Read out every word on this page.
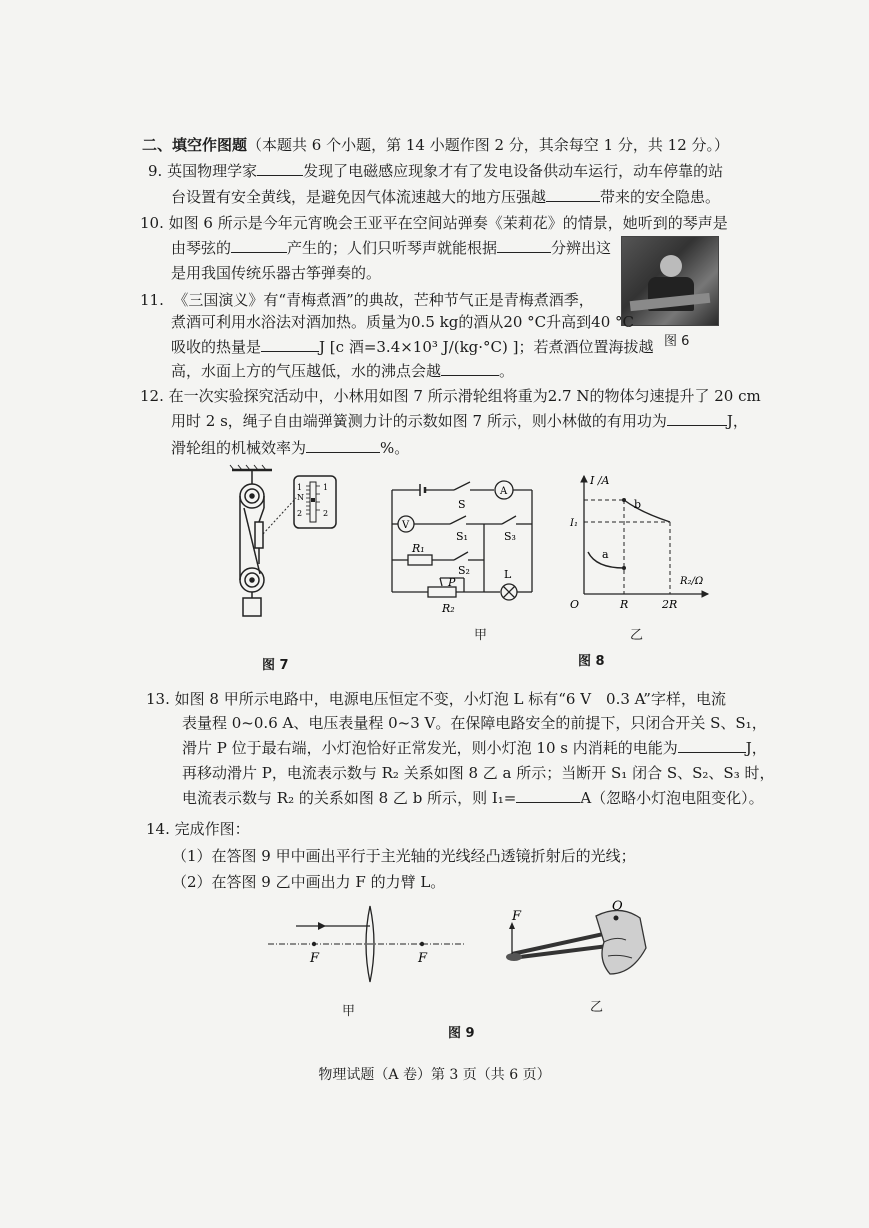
二、填空作图题（本题共 6 个小题，第 14 小题作图 2 分，其余每空 1 分，共 12 分。）
9. 英国物理学家	发现了电磁感应现象才有了发电设备供动车运行，动车停靠的站
台设置有安全黄线，是避免因气体流速越大的地方压强越	带来的安全隐患。
10. 如图 6 所示是今年元宵晚会王亚平在空间站弹奏《茉莉花》的情景，她听到的琴声是
由琴弦的	产生的；人们只听琴声就能根据	分辨出这
是用我国传统乐器古筝弹奏的。
图 6
11. 《三国演义》有“青梅煮酒”的典故，芒种节气正是青梅煮酒季，
煮酒可利用水浴法对酒加热。质量为0.5 kg的酒从20 °C升高到40 °C
吸收的热量是	J [c 酒=3.4×10³ J/(kg·°C) ]；若煮酒位置海拔越
高，水面上方的气压越低，水的沸点会越	。
12. 在一次实验探究活动中，小林用如图 7 所示滑轮组将重为2.7 N的物体匀速提升了 20 cm
用时 2 s，绳子自由端弹簧测力计的示数如图 7 所示，则小林做的有用功为	J，
滑轮组的机械效率为	%。
1
N
2
1
2
图 7
A
V
S
S₁	S₃
R₁
S₂
P
R₂
L
甲
I /A
R₂/Ω
O	R	2R
I₁
a
b
乙
图 8
13. 如图 8 甲所示电路中，电源电压恒定不变，小灯泡 L 标有“6 V　0.3 A”字样，电流
表量程 0~0.6 A、电压表量程 0~3 V。在保障电路安全的前提下，只闭合开关 S、S₁，
滑片 P 位于最右端，小灯泡恰好正常发光，则小灯泡 10 s 内消耗的电能为	J，
再移动滑片 P，电流表示数与 R₂ 关系如图 8 乙 a 所示；当断开 S₁ 闭合 S、S₂、S₃ 时，
电流表示数与 R₂ 的关系如图 8 乙 b 所示，则 I₁=	A（忽略小灯泡电阻变化）。
14. 完成作图：
（1）在答图 9 甲中画出平行于主光轴的光线经凸透镜折射后的光线；
（2）在答图 9 乙中画出力 F 的力臂 L。
F	F
甲
F
O
乙
图 9
物理试题（A 卷）第 3 页（共 6 页）
